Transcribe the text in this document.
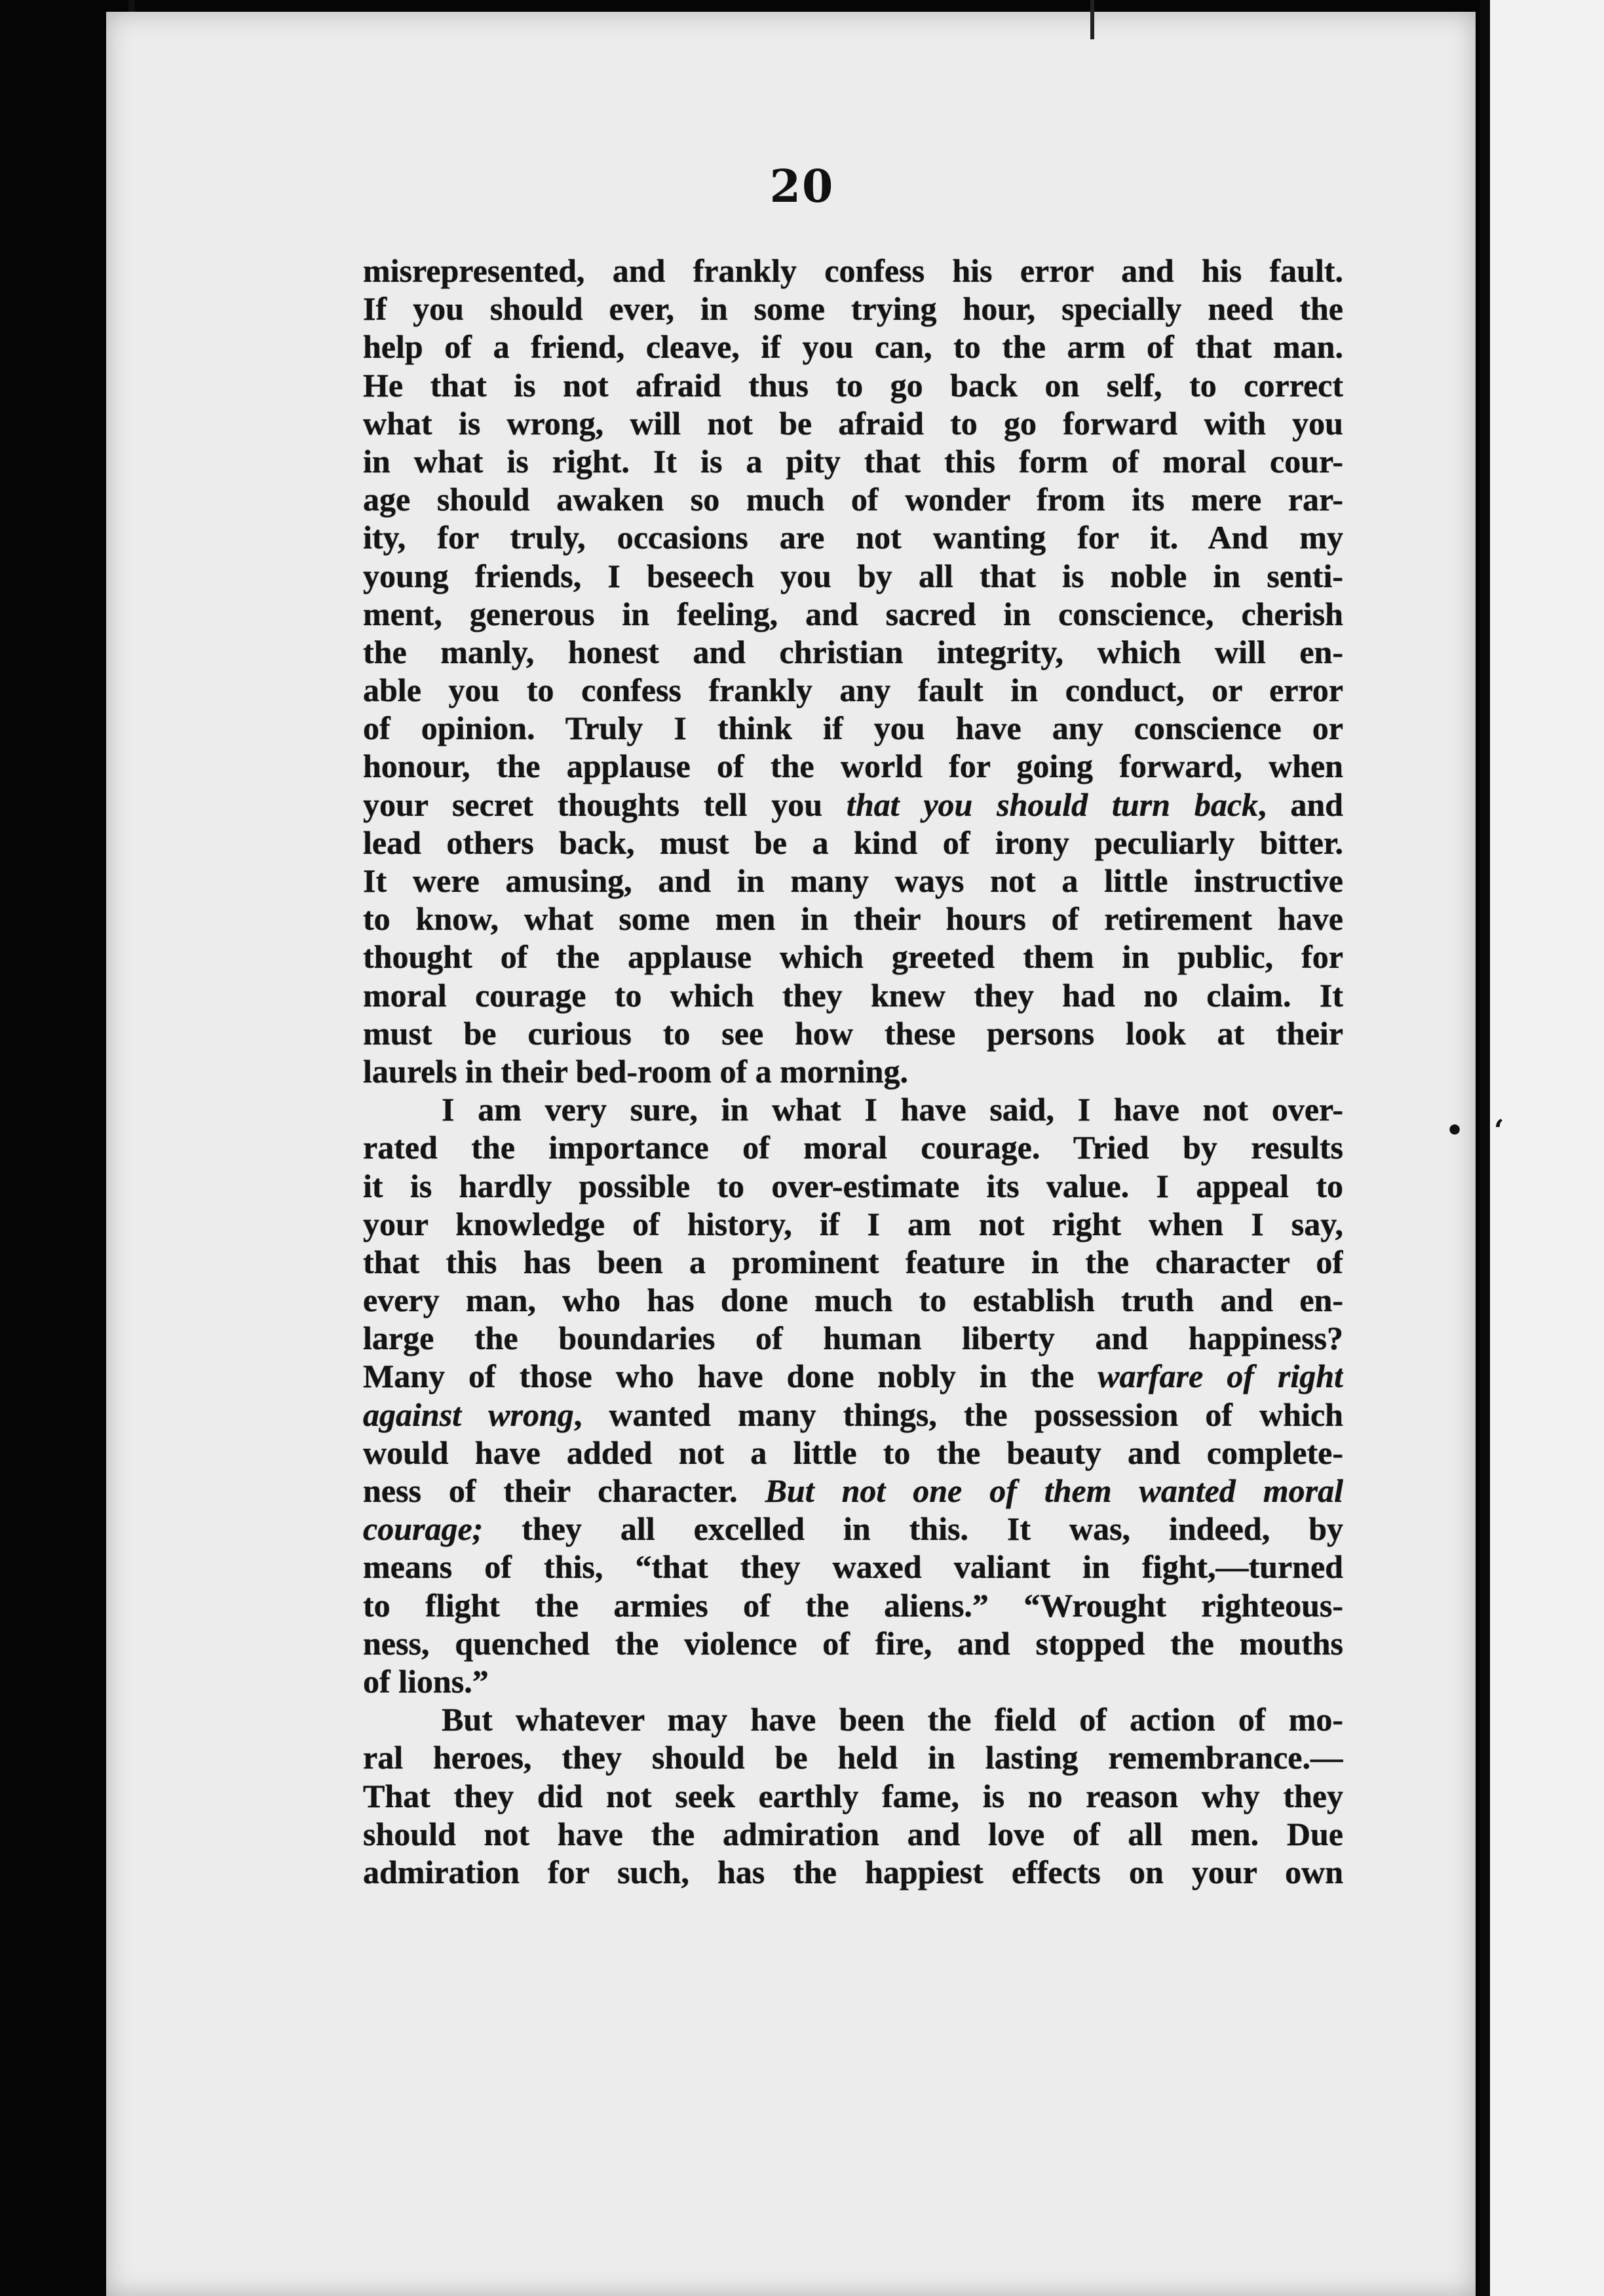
20
• ‘
misrepresented, and frankly confess his error and his fault.
If you should ever, in some trying hour, specially need the
help of a friend, cleave, if you can, to the arm of that man.
He that is not afraid thus to go back on self, to correct
what is wrong, will not be afraid to go forward with you
in what is right. It is a pity that this form of moral cour-
age should awaken so much of wonder from its mere rar-
ity, for truly, occasions are not wanting for it. And my
young friends, I beseech you by all that is noble in senti-
ment, generous in feeling, and sacred in conscience, cherish
the manly, honest and christian integrity, which will en-
able you to confess frankly any fault in conduct, or error
of opinion. Truly I think if you have any conscience or
honour, the applause of the world for going forward, when
your secret thoughts tell you that you should turn back, and
lead others back, must be a kind of irony peculiarly bitter.
It were amusing, and in many ways not a little instructive
to know, what some men in their hours of retirement have
thought of the applause which greeted them in public, for
moral courage to which they knew they had no claim. It
must be curious to see how these persons look at their
laurels in their bed-room of a morning.
I am very sure, in what I have said, I have not over-
rated the importance of moral courage. Tried by results
it is hardly possible to over-estimate its value. I appeal to
your knowledge of history, if I am not right when I say,
that this has been a prominent feature in the character of
every man, who has done much to establish truth and en-
large the boundaries of human liberty and happiness?
Many of those who have done nobly in the warfare of right
against wrong, wanted many things, the possession of which
would have added not a little to the beauty and complete-
ness of their character. But not one of them wanted moral
courage; they all excelled in this. It was, indeed, by
means of this, “that they waxed valiant in fight,—turned
to flight the armies of the aliens.” “Wrought righteous-
ness, quenched the violence of fire, and stopped the mouths
of lions.”
But whatever may have been the field of action of mo-
ral heroes, they should be held in lasting remembrance.—
That they did not seek earthly fame, is no reason why they
should not have the admiration and love of all men. Due
admiration for such, has the happiest effects on your own
